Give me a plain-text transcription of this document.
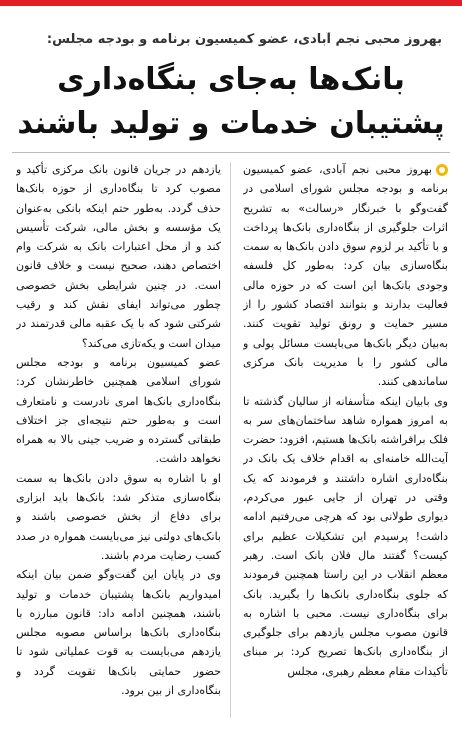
بهروز محبی نجم آبادی، عضو کمیسیون برنامه و بودجه مجلس:
بانک‌ها به‌جای بنگاه‌داری
پشتیبان خدمات و تولید باشند

بهروز محبی نجم آبادی، عضو کمیسیون برنامه و بودجه مجلس شورای اسلامی در گفت‌وگو با خبرنگار «رسالت» به تشریح اثرات جلوگیری از بنگاه‌داری بانک‌ها پرداخت و با تأکید بر لزوم سوق دادن بانک‌ها به سمت بنگاه‌سازی بیان کرد: به‌طور کل فلسفه وجودی بانک‌ها این است که در حوزه مالی فعالیت بدارند و بتوانند اقتصاد کشور را از مسیر حمایت و رونق تولید تقویت کنند. به‌بیان دیگر بانک‌ها می‌بایست مسائل پولی و مالی کشور را با مدیریت بانک مرکزی ساماندهی کنند.

وی بابیان اینکه متأسفانه از سالیان گذشته تا به امروز همواره شاهد ساختمان‌های سر به فلک برافراشته بانک‌ها هستیم، افزود: حضرت آیت‌الله خامنه‌ای به اقدام خلاف یک بانک در بنگاه‌داری اشاره داشتند و فرمودند که یک وقتی در تهران از جایی عبور می‌کردم، دیواری طولانی بود که هرچی می‌رفتیم ادامه داشت! پرسیدم این تشکیلات عظیم برای کیست؟ گفتند مال فلان بانک است. رهبر معظم انقلاب در این راستا همچنین فرمودند که جلوی بنگاه‌داری بانک‌ها را بگیرید. بانک برای بنگاه‌داری نیست. محبی با اشاره به قانون مصوب مجلس یازدهم برای جلوگیری از بنگاه‌داری بانک‌ها تصریح کرد: بر مبنای تأکیدات مقام معظم رهبری، مجلس

یازدهم در جریان قانون بانک مرکزی تأکید و مصوب کرد تا بنگاه‌داری از حوزه بانک‌ها حذف گردد. به‌طور حتم اینکه بانکی به‌عنوان یک مؤسسه و بخش مالی، شرکت تأسیس کند و از محل اعتبارات بانک به شرکت وام اختصاص دهند، صحیح نیست و خلاف قانون است. در چنین شرایطی بخش خصوصی چطور می‌تواند ایفای نقش کند و رقیب شرکتی شود که با یک عقبه مالی قدرتمند در میدان است و یکه‌تازی می‌کند؟

عضو کمیسیون برنامه و بودجه مجلس شورای اسلامی همچنین خاطرنشان کرد: بنگاه‌داری بانک‌ها امری نادرست و نامتعارف است و به‌طور حتم نتیجه‌ای جز اختلاف طبقاتی گسترده و ضریب جینی بالا به همراه نخواهد داشت.

او با اشاره به سوق دادن بانک‌ها به سمت بنگاه‌سازی متذکر شد: بانک‌ها باید ابزاری برای دفاع از بخش خصوصی باشند و بانک‌های دولتی نیز می‌بایست همواره در صدد کسب رضایت مردم باشند.

وی در پایان این گفت‌وگو ضمن بیان اینکه امیدواریم بانک‌ها پشتیبان خدمات و تولید باشند، همچنین ادامه داد: قانون مبارزه با بنگاه‌داری بانک‌ها براساس مصوبه مجلس یازدهم می‌بایست به قوت عملیاتی شود تا حضور حمایتی بانک‌ها تقویت گردد و بنگاه‌داری از بین برود.
